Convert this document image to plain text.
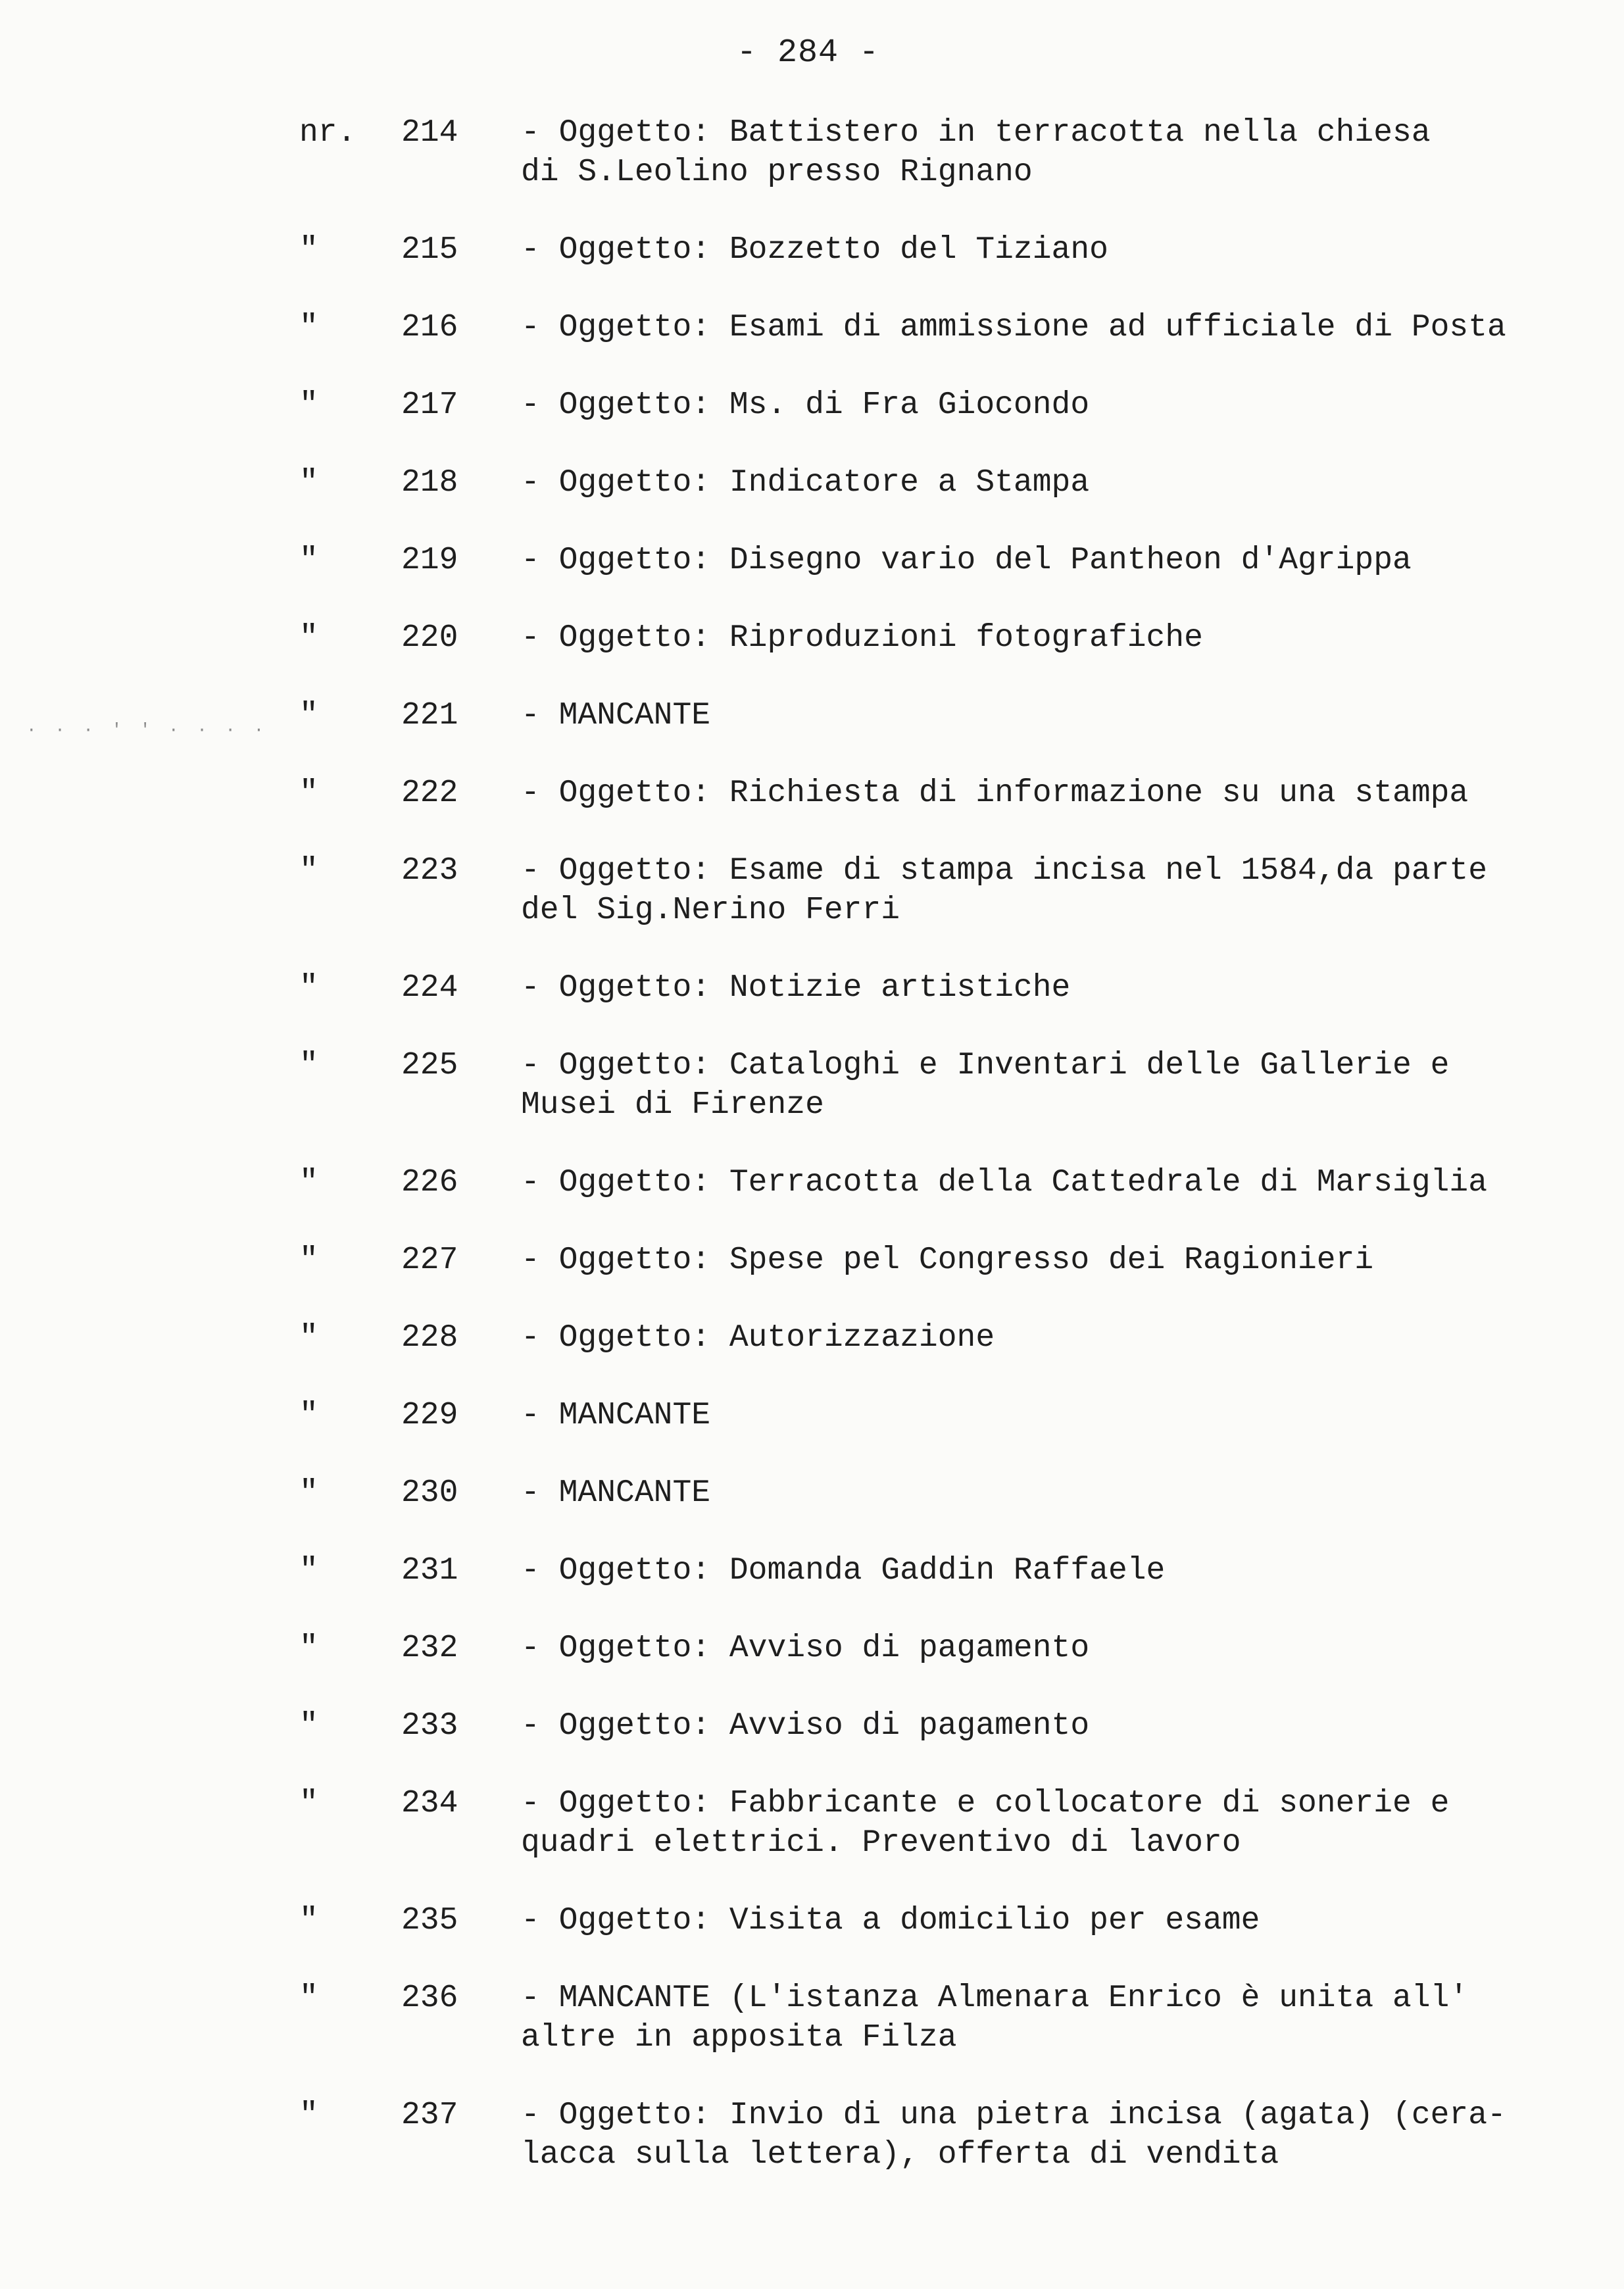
- 284 -
· · · ' ' · · · ·
nr.	214	- Oggetto: Battistero in terracotta nella chiesa
di S.Leolino presso Rignano
"	215	- Oggetto: Bozzetto del Tiziano
"	216	- Oggetto: Esami di ammissione ad ufficiale di Posta
"	217	- Oggetto: Ms. di Fra Giocondo
"	218	- Oggetto: Indicatore a Stampa
"	219	- Oggetto: Disegno vario del Pantheon d'Agrippa
"	220	- Oggetto: Riproduzioni fotografiche
"	221	- MANCANTE
"	222	- Oggetto: Richiesta di informazione su una stampa
"	223	- Oggetto: Esame di stampa incisa nel 1584,da parte
del Sig.Nerino Ferri
"	224	- Oggetto: Notizie artistiche
"	225	- Oggetto: Cataloghi e Inventari delle Gallerie e
Musei di Firenze
"	226	- Oggetto: Terracotta della Cattedrale di Marsiglia
"	227	- Oggetto: Spese pel Congresso dei Ragionieri
"	228	- Oggetto: Autorizzazione
"	229	- MANCANTE
"	230	- MANCANTE
"	231	- Oggetto: Domanda Gaddin Raffaele
"	232	- Oggetto: Avviso di pagamento
"	233	- Oggetto: Avviso di pagamento
"	234	- Oggetto: Fabbricante e collocatore di sonerie e
quadri elettrici. Preventivo di lavoro
"	235	- Oggetto: Visita a domicilio per esame
"	236	- MANCANTE (L'istanza Almenara Enrico è unita all'
altre in apposita Filza
"	237	- Oggetto: Invio di una pietra incisa (agata) (cera-
lacca sulla lettera), offerta di vendita
